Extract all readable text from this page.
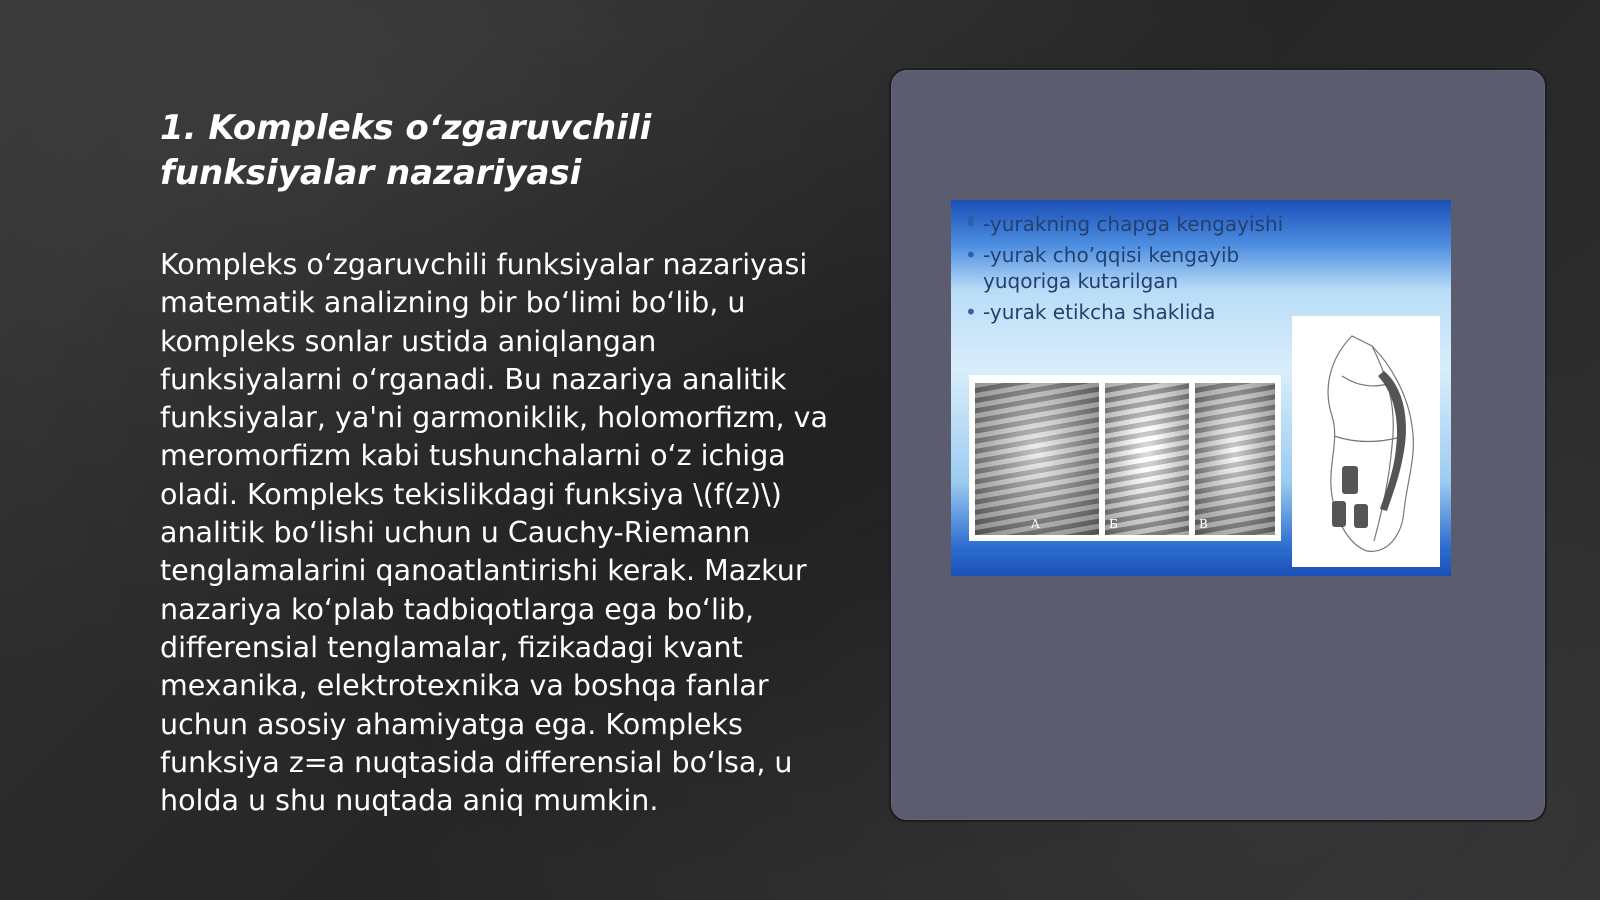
1. Kompleks o‘zgaruvchili funksiyalar nazariyasi

Kompleks o‘zgaruvchili funksiyalar nazariyasi matematik analizning bir bo‘limi bo‘lib, u kompleks sonlar ustida aniqlangan funksiyalarni o‘rganadi. Bu nazariya analitik funksiyalar, ya'ni garmoniklik, holomorfizm, va meromorfizm kabi tushunchalarni o‘z ichiga oladi. Kompleks tekislikdagi funksiya \(f(z)\) analitik bo‘lishi uchun u Cauchy-Riemann tenglamalarini qanoatlantirishi kerak. Mazkur nazariya ko‘plab tadbiqotlarga ega bo‘lib, differensial tenglamalar, fizikadagi kvant mexanika, elektrotexnika va boshqa fanlar uchun asosiy ahamiyatga ega. Kompleks funksiya z=a nuqtasida differensial bo‘lsa, u holda u shu nuqtada aniq mumkin.

• -yurakning chapga kengayishi
• -yurak cho’qqisi kengayib yuqoriga kutarilgan
• -yurak etikcha shaklida
A	Б	В
